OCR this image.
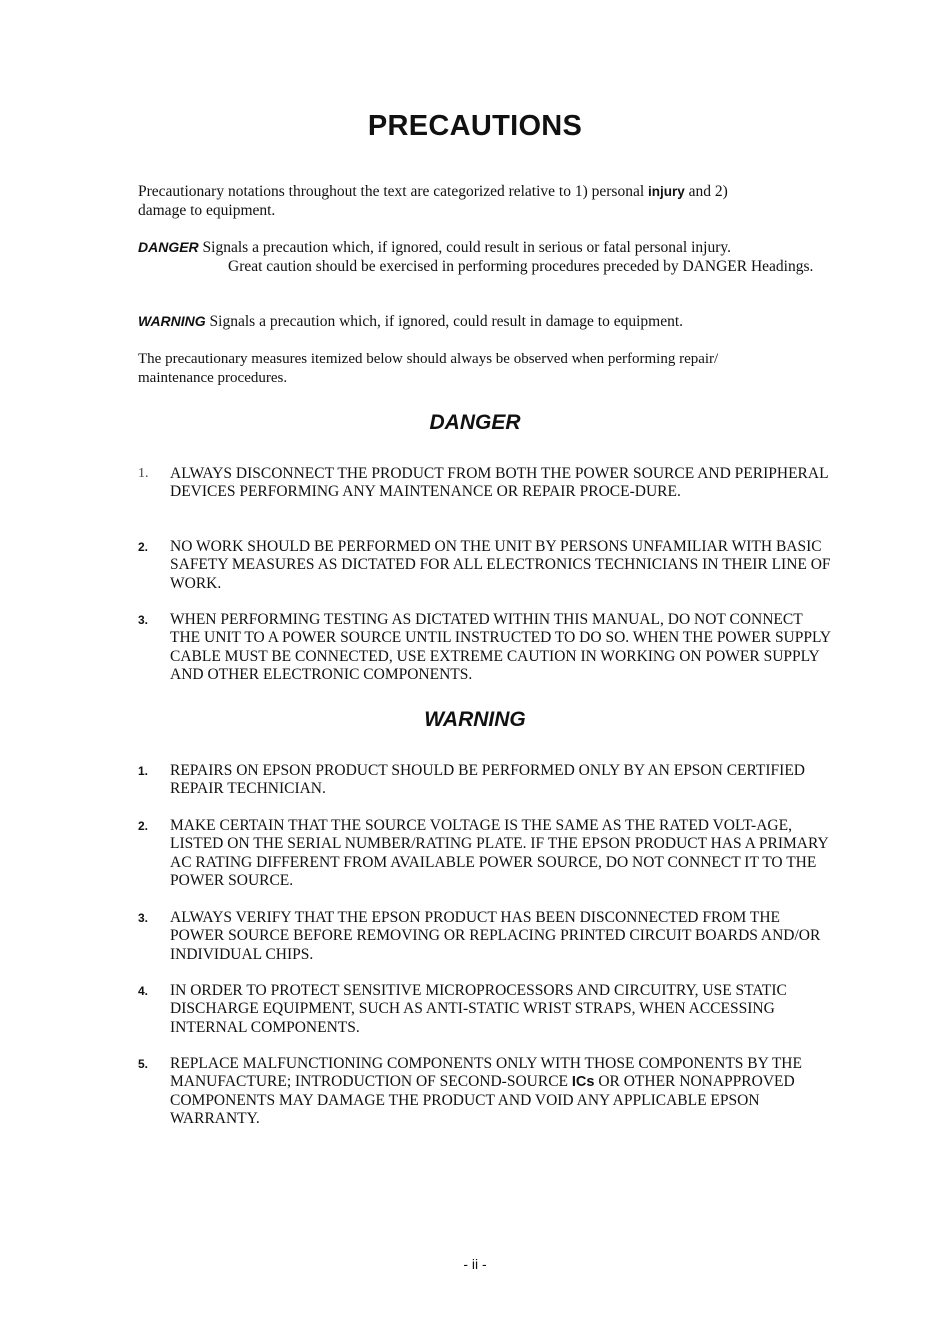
PRECAUTIONS
Precautionary notations throughout the text are categorized relative to 1) personal injury and 2)
damage to equipment.
DANGER Signals a precaution which, if ignored, could result in serious or fatal personal injury.
Great caution should be exercised in performing procedures preceded by DANGER Headings.
WARNING Signals a precaution which, if ignored, could result in damage to equipment.
The precautionary measures itemized below should always be observed when performing repair/
maintenance procedures.
DANGER
1. ALWAYS DISCONNECT THE PRODUCT FROM BOTH THE POWER SOURCE AND PERIPHERAL DEVICES PERFORMING ANY MAINTENANCE OR REPAIR PROCE-DURE.
2. NO WORK SHOULD BE PERFORMED ON THE UNIT BY PERSONS UNFAMILIAR WITH BASIC SAFETY MEASURES AS DICTATED FOR ALL ELECTRONICS TECHNICIANS IN THEIR LINE OF WORK.
3. WHEN PERFORMING TESTING AS DICTATED WITHIN THIS MANUAL, DO NOT CONNECT THE UNIT TO A POWER SOURCE UNTIL INSTRUCTED TO DO SO. WHEN THE POWER SUPPLY CABLE MUST BE CONNECTED, USE EXTREME CAUTION IN WORKING ON POWER SUPPLY AND OTHER ELECTRONIC COMPONENTS.
WARNING
1. REPAIRS ON EPSON PRODUCT SHOULD BE PERFORMED ONLY BY AN EPSON CERTIFIED REPAIR TECHNICIAN.
2. MAKE CERTAIN THAT THE SOURCE VOLTAGE IS THE SAME AS THE RATED VOLT-AGE, LISTED ON THE SERIAL NUMBER/RATING PLATE. IF THE EPSON PRODUCT HAS A PRIMARY AC RATING DIFFERENT FROM AVAILABLE POWER SOURCE, DO NOT CONNECT IT TO THE POWER SOURCE.
3. ALWAYS VERIFY THAT THE EPSON PRODUCT HAS BEEN DISCONNECTED FROM THE POWER SOURCE BEFORE REMOVING OR REPLACING PRINTED CIRCUIT BOARDS AND/OR INDIVIDUAL CHIPS.
4. IN ORDER TO PROTECT SENSITIVE MICROPROCESSORS AND CIRCUITRY, USE STATIC DISCHARGE EQUIPMENT, SUCH AS ANTI-STATIC WRIST STRAPS, WHEN ACCESSING INTERNAL COMPONENTS.
5. REPLACE MALFUNCTIONING COMPONENTS ONLY WITH THOSE COMPONENTS BY THE MANUFACTURE; INTRODUCTION OF SECOND-SOURCE ICs OR OTHER NONAPPROVED COMPONENTS MAY DAMAGE THE PRODUCT AND VOID ANY APPLICABLE EPSON WARRANTY.
- ii -
